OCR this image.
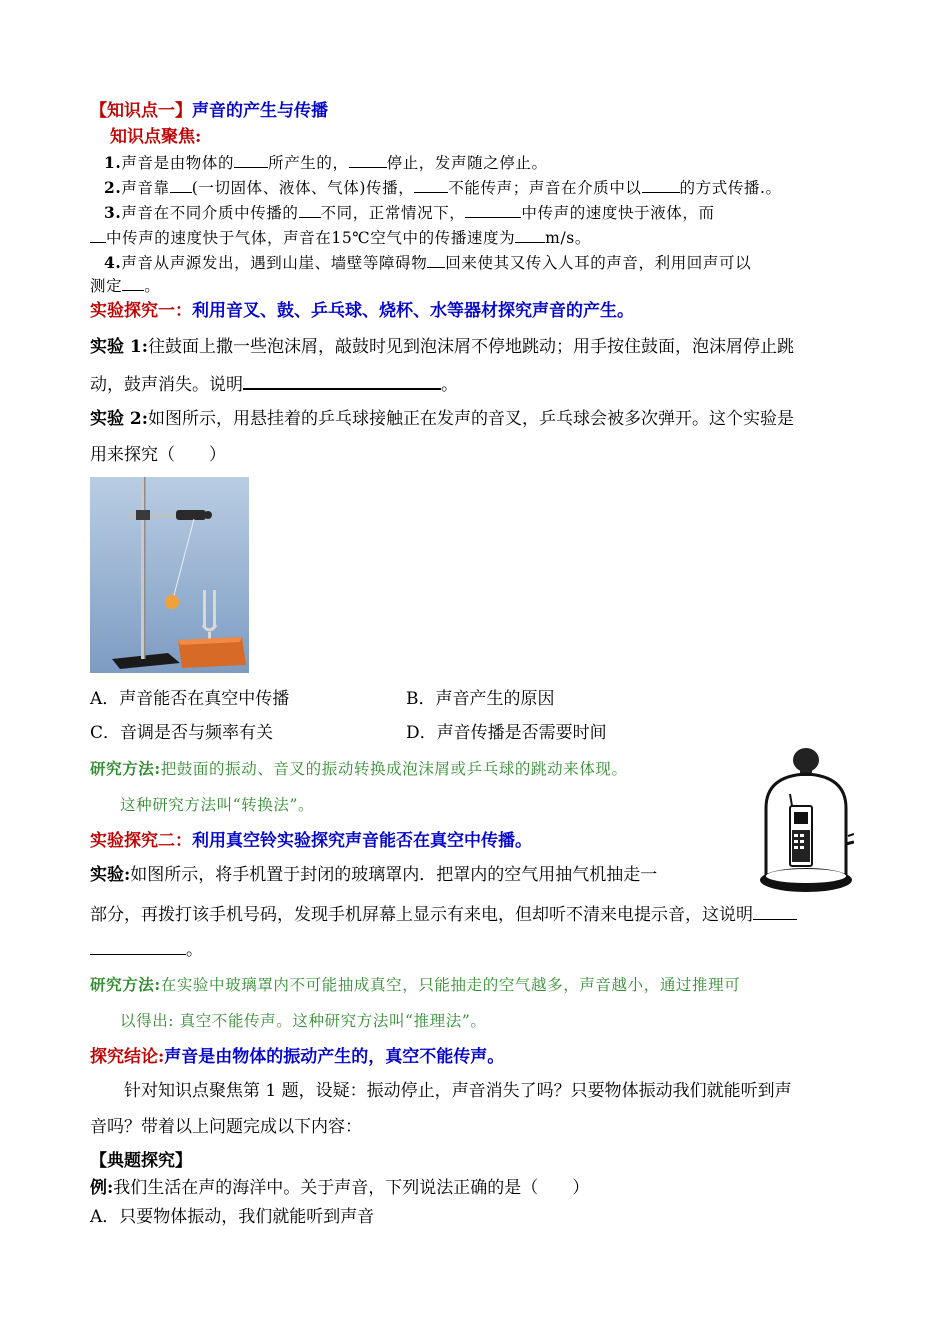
【知识点一】声音的产生与传播
知识点聚焦:
1.声音是由物体的 所产生的， 停止，发声随之停止。
2.声音靠 (一切固体、液体、气体)传播， 不能传声；声音在介质中以 的方式传播.。
3.声音在不同介质中传播的 不同，正常情况下，	中传声的速度快于液体，而
中传声的速度快于气体，声音在15℃空气中的传播速度为 m/s。
4.声音从声源发出，遇到山崖、墙壁等障碍物 回来使其又传入人耳的声音，利用回声可以
测定 。
实验探究一：利用音叉、鼓、乒乓球、烧杯、水等器材探究声音的产生。
实验 1:往鼓面上撒一些泡沫屑，敲鼓时见到泡沫屑不停地跳动；用手按住鼓面，泡沫屑停止跳
动，鼓声消失。说明	。
实验 2:如图所示，用悬挂着的乒乓球接触正在发声的音叉，乒乓球会被多次弹开。这个实验是
用来探究（　　）
A．声音能否在真空中传播	B．声音产生的原因
C．音调是否与频率有关	D．声音传播是否需要时间
研究方法:把鼓面的振动、音叉的振动转换成泡沫屑或乒乓球的跳动来体现。
这种研究方法叫“转换法”。
实验探究二：利用真空铃实验探究声音能否在真空中传播。
实验:如图所示，将手机置于封闭的玻璃罩内．把罩内的空气用抽气机抽走一
部分，再拨打该手机号码，发现手机屏幕上显示有来电，但却听不清来电提示音，这说明
。
研究方法:在实验中玻璃罩内不可能抽成真空，只能抽走的空气越多，声音越小，通过推理可
以得出: 真空不能传声。这种研究方法叫“推理法”。
探究结论:声音是由物体的振动产生的，真空不能传声。
针对知识点聚焦第 1 题，设疑：振动停止，声音消失了吗？只要物体振动我们就能听到声
音吗？带着以上问题完成以下内容：
【典题探究】
例:我们生活在声的海洋中。关于声音，下列说法正确的是（　　）
A．只要物体振动，我们就能听到声音
